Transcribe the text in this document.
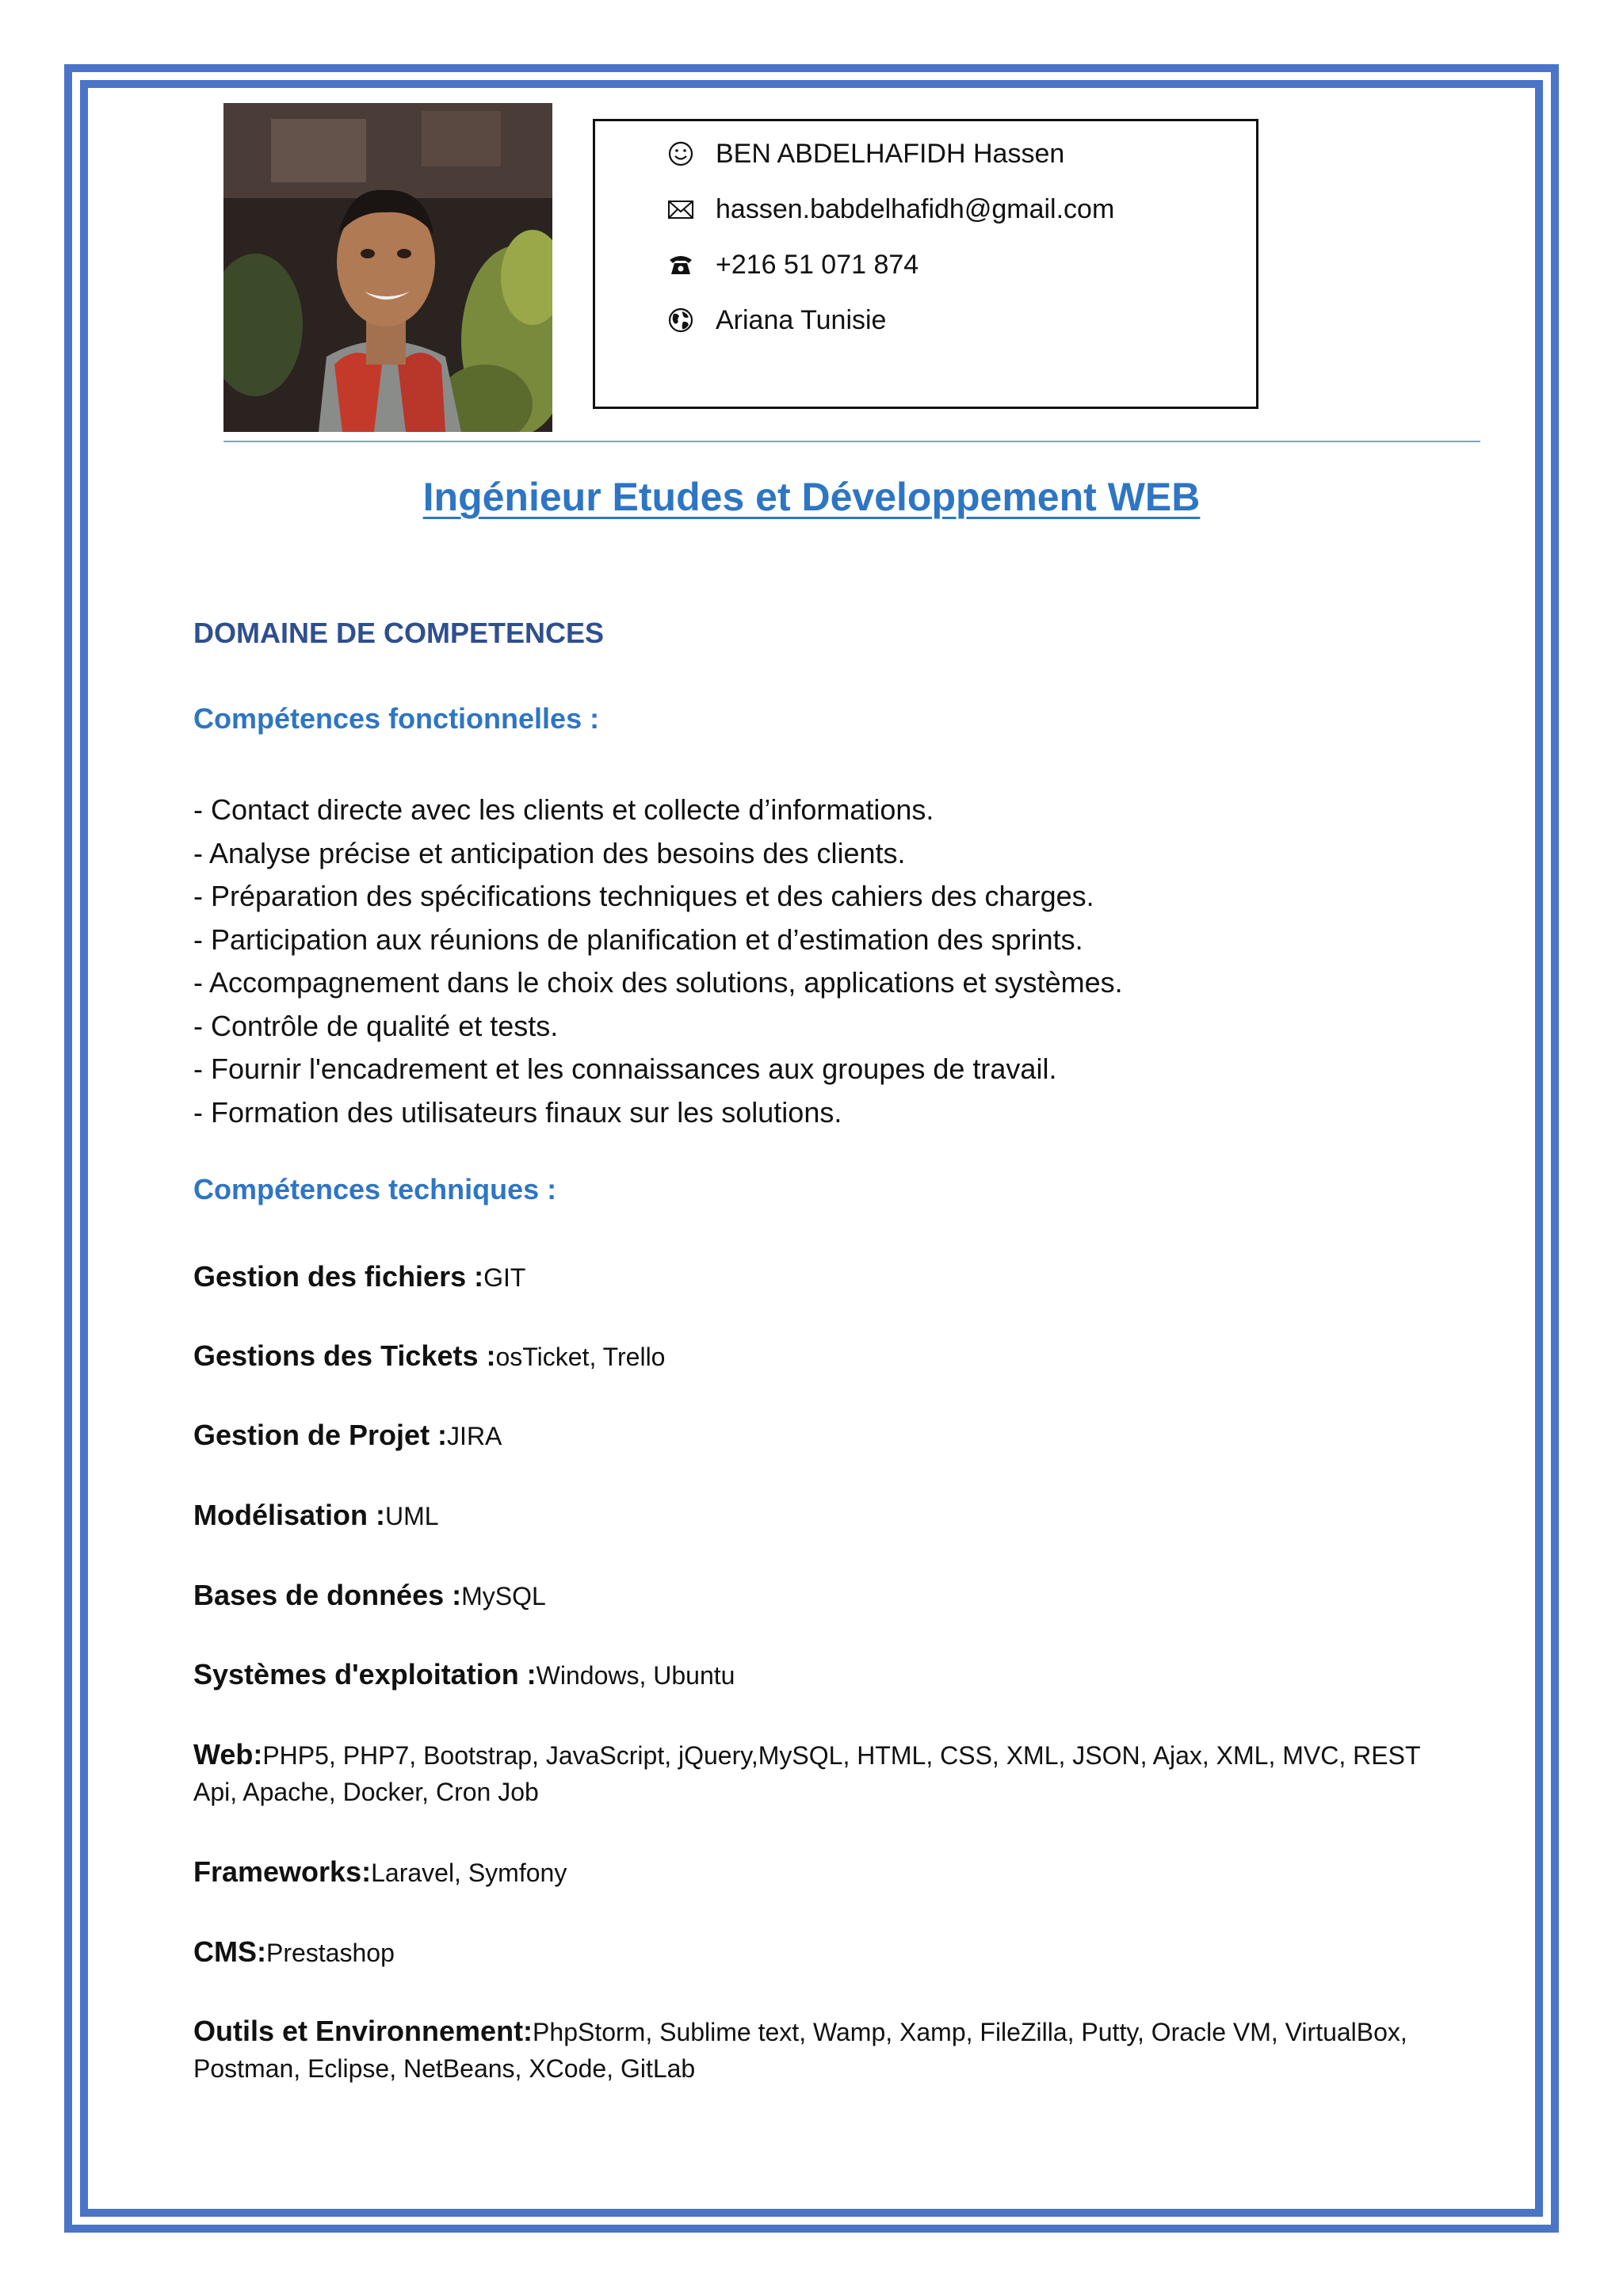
BEN ABDELHAFIDH Hassen
hassen.babdelhafidh@gmail.com
+216 51 071 874
Ariana Tunisie
Ingénieur Etudes et Développement WEB
DOMAINE DE COMPETENCES
Compétences fonctionnelles :
- Contact directe avec les clients et collecte d’informations.
- Analyse précise et anticipation des besoins des clients.
- Préparation des spécifications techniques et des cahiers des charges.
- Participation aux réunions de planification et d’estimation des sprints.
- Accompagnement dans le choix des solutions, applications et systèmes.
- Contrôle de qualité et tests.
- Fournir l'encadrement et les connaissances aux groupes de travail.
- Formation des utilisateurs finaux sur les solutions.
Compétences techniques :
Gestion des fichiers :GIT
Gestions des Tickets :osTicket, Trello
Gestion de Projet :JIRA
Modélisation :UML
Bases de données :MySQL
Systèmes d'exploitation :Windows, Ubuntu
Web:PHP5, PHP7, Bootstrap, JavaScript, jQuery,MySQL, HTML, CSS, XML, JSON, Ajax, XML, MVC, REST Api, Apache, Docker, Cron Job
Frameworks:Laravel, Symfony
CMS:Prestashop
Outils et Environnement:PhpStorm, Sublime text, Wamp, Xamp, FileZilla, Putty, Oracle VM, VirtualBox, Postman, Eclipse, NetBeans, XCode, GitLab
